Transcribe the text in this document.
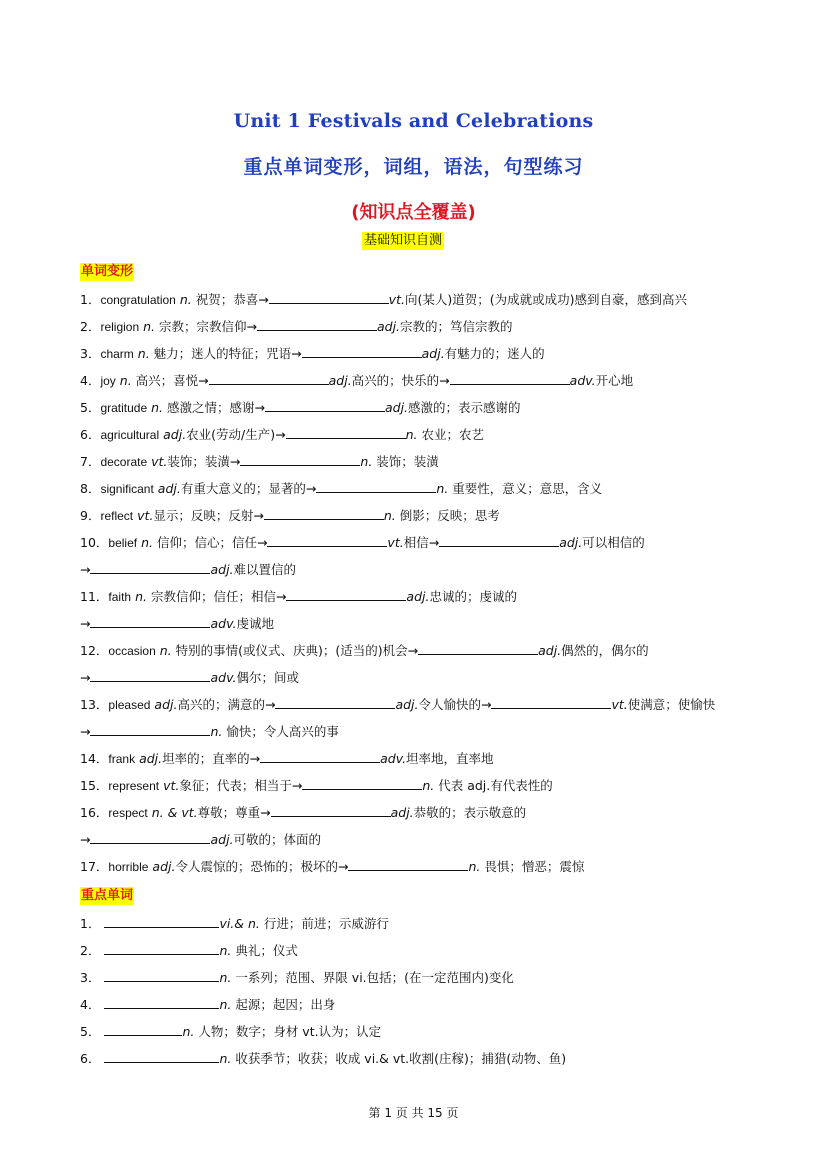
Unit 1 Festivals and Celebrations
重点单词变形，词组，语法，句型练习
(知识点全覆盖)
基础知识自测
单词变形
1．congratulation n. 祝贺；恭喜→	vt.向(某人)道贺；(为成就或成功)感到自豪，感到高兴
2．religion n. 宗教；宗教信仰→	adj.宗教的；笃信宗教的
3．charm n. 魅力；迷人的特征；咒语→	adj.有魅力的；迷人的
4．joy n. 高兴；喜悦→	adj.高兴的；快乐的→	adv.开心地
5．gratitude n. 感激之情；感谢→	adj.感激的；表示感谢的
6．agricultural adj.农业(劳动/生产)→	n. 农业；农艺
7．decorate vt.装饰；装潢→	n. 装饰；装潢
8．significant adj.有重大意义的；显著的→	n. 重要性，意义；意思，含义
9．reflect vt.显示；反映；反射→	n. 倒影；反映；思考
10．belief n. 信仰；信心；信任→	vt.相信→	adj.可以相信的
→	adj.难以置信的
11．faith n. 宗教信仰；信任；相信→	adj.忠诚的；虔诚的
→	adv.虔诚地
12．occasion n. 特别的事情(或仪式、庆典)；(适当的)机会→	adj.偶然的，偶尔的
→	adv.偶尔；间或
13．pleased adj.高兴的；满意的→	adj.令人愉快的→	vt.使满意；使愉快
→	n. 愉快；令人高兴的事
14．frank adj.坦率的；直率的→	adv.坦率地，直率地
15．represent vt.象征；代表；相当于→	n. 代表 adj.有代表性的
16．respect n. & vt.尊敬；尊重→	adj.恭敬的；表示敬意的
→	adj.可敬的；体面的
17．horrible adj.令人震惊的；恐怖的；极坏的→	n. 畏惧；憎恶；震惊
重点单词
1．	vi.& n. 行进；前进；示威游行
2．	n. 典礼；仪式
3．	n. 一系列；范围、界限 vi.包括；(在一定范围内)变化
4．	n. 起源；起因；出身
5．	n. 人物；数字；身材 vt.认为；认定
6．	n. 收获季节；收获；收成 vi.& vt.收割(庄稼)；捕猎(动物、鱼)
第 1 页 共 15 页
